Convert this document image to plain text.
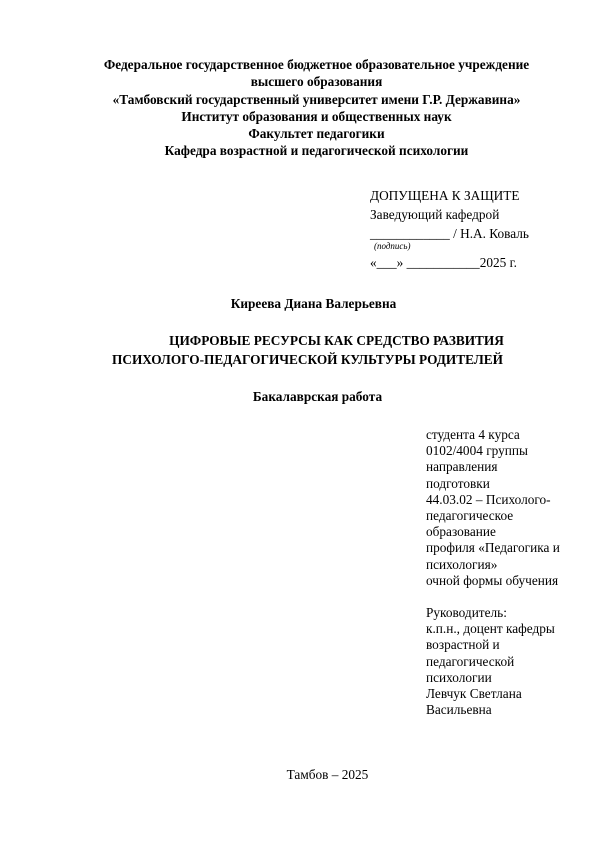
Федеральное государственное бюджетное образовательное учреждение
высшего образования
«Тамбовский государственный университет имени Г.Р. Державина»
Институт образования и общественных наук
Факультет педагогики
Кафедра возрастной и педагогической психологии
ДОПУЩЕНА К ЗАЩИТЕ
Заведующий кафедрой
____________ / Н.А. Коваль
(подпись)
«___» ___________2025 г.
Киреева Диана Валерьевна
ЦИФРОВЫЕ РЕСУРСЫ КАК СРЕДСТВО РАЗВИТИЯ
ПСИХОЛОГО-ПЕДАГОГИЧЕСКОЙ КУЛЬТУРЫ РОДИТЕЛЕЙ
Бакалаврская работа
студента 4 курса
0102/4004 группы
направления
подготовки
44.03.02 – Психолого-
педагогическое
образование
профиля «Педагогика и
психология»
очной формы обучения
Руководитель:
к.п.н., доцент кафедры
возрастной и
педагогической
психологии
Левчук Светлана
Васильевна
Тамбов – 2025
